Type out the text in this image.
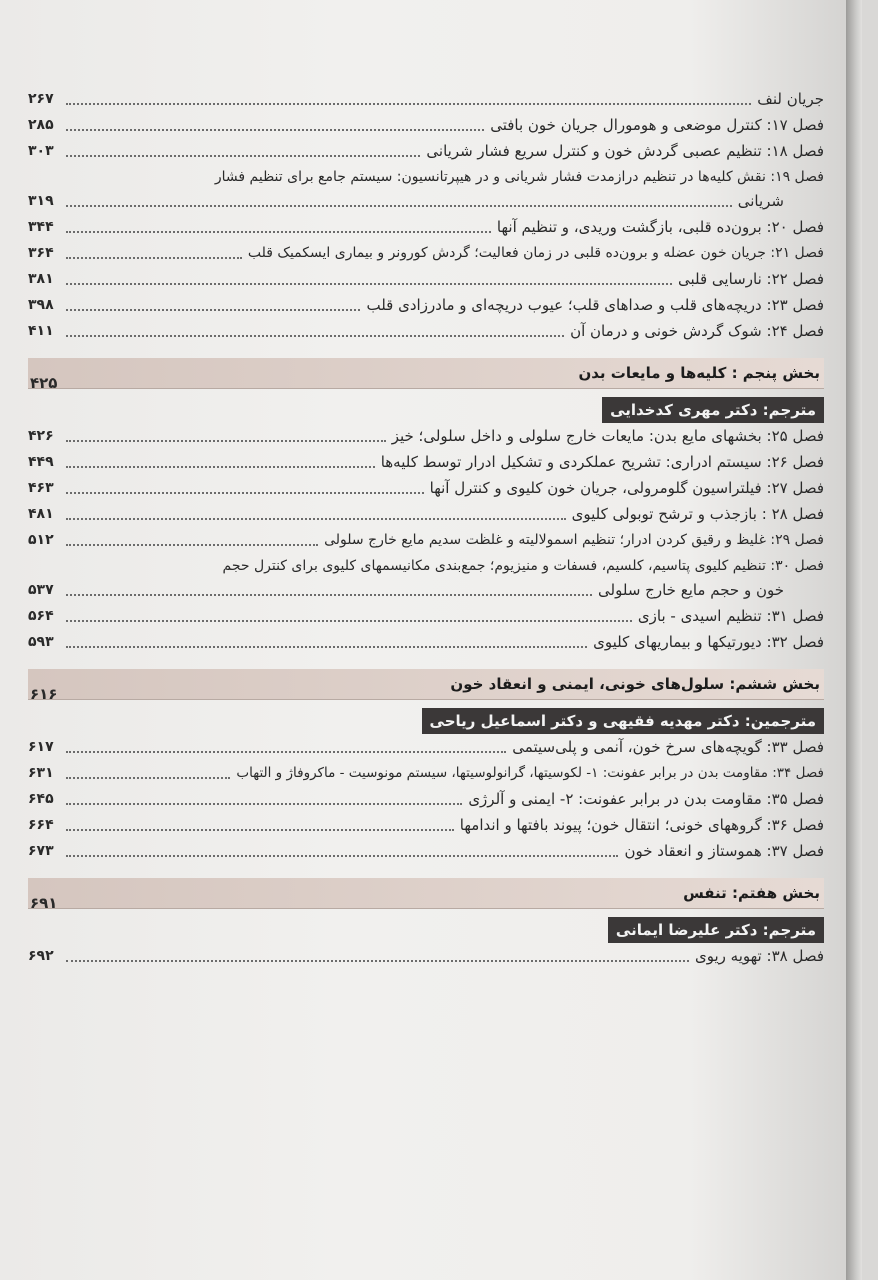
جریان لنف
۲۶۷
فصل ۱۷: کنترل موضعی و هومورال جریان خون بافتی
۲۸۵
فصل ۱۸: تنظیم عصبی گردش خون و کنترل سریع فشار شریانی
۳۰۳
فصل ۱۹: نقش کلیه‌ها در تنظیم درازمدت فشار شریانی و در هیپرتانسیون: سیستم جامع برای تنظیم فشار
شریانی
۳۱۹
فصل ۲۰: برون‌ده قلبی، بازگشت وریدی، و تنظیم آنها
۳۴۴
فصل ۲۱: جریان خون عضله و برون‌ده قلبی در زمان فعالیت؛ گردش کورونر و بیماری ایسکمیک قلب
۳۶۴
فصل ۲۲: نارسایی قلبی
۳۸۱
فصل ۲۳: دریچه‌های قلب و صداهای قلب؛ عیوب دریچه‌ای و مادرزادی قلب
۳۹۸
فصل ۲۴: شوک گردش خونی و درمان آن
۴۱۱
بخش پنجم : کلیه‌ها و مایعات بدن
۴۲۵
مترجم: دکتر مهری کدخدایی
فصل ۲۵: بخشهای مایع بدن: مایعات خارج سلولی و داخل سلولی؛ خیز
۴۲۶
فصل ۲۶: سیستم ادراری: تشریح عملکردی و تشکیل ادرار توسط کلیه‌ها
۴۴۹
فصل ۲۷: فیلتراسیون گلومرولی، جریان خون کلیوی و کنترل آنها
۴۶۳
فصل ۲۸ : بازجذب و ترشح توبولی کلیوی
۴۸۱
فصل ۲۹: غلیظ و رقیق کردن ادرار؛ تنظیم اسمولالیته و غلظت سدیم مایع خارج سلولی
۵۱۲
فصل ۳۰: تنظیم کلیوی پتاسیم، کلسیم، فسفات و منیزیوم؛ جمع‌بندی مکانیسمهای کلیوی برای کنترل حجم
خون و حجم مایع خارج سلولی
۵۳۷
فصل ۳۱: تنظیم اسیدی - بازی
۵۶۴
فصل ۳۲: دیورتیکها و بیماریهای کلیوی
۵۹۳
بخش ششم: سلول‌های خونی، ایمنی و انعقاد خون
۶۱۶
مترجمین: دکتر مهدیه فقیهی و دکتر اسماعیل ریاحی
فصل ۳۳: گویچه‌های سرخ خون، آنمی و پلی‌سیتمی
۶۱۷
فصل ۳۴: مقاومت بدن در برابر عفونت: ۱- لکوسیتها، گرانولوسیتها، سیستم مونوسیت - ماکروفاژ و التهاب
۶۳۱
فصل ۳۵: مقاومت بدن در برابر عفونت: ۲- ایمنی و آلرژی
۶۴۵
فصل ۳۶: گروههای خونی؛ انتقال خون؛ پیوند بافتها و اندامها
۶۶۴
فصل ۳۷: هموستاز و انعقاد خون
۶۷۳
بخش هفتم: تنفس
۶۹۱
مترجم: دکتر علیرضا ایمانی
فصل ۳۸: تهویه ریوی
۶۹۲
